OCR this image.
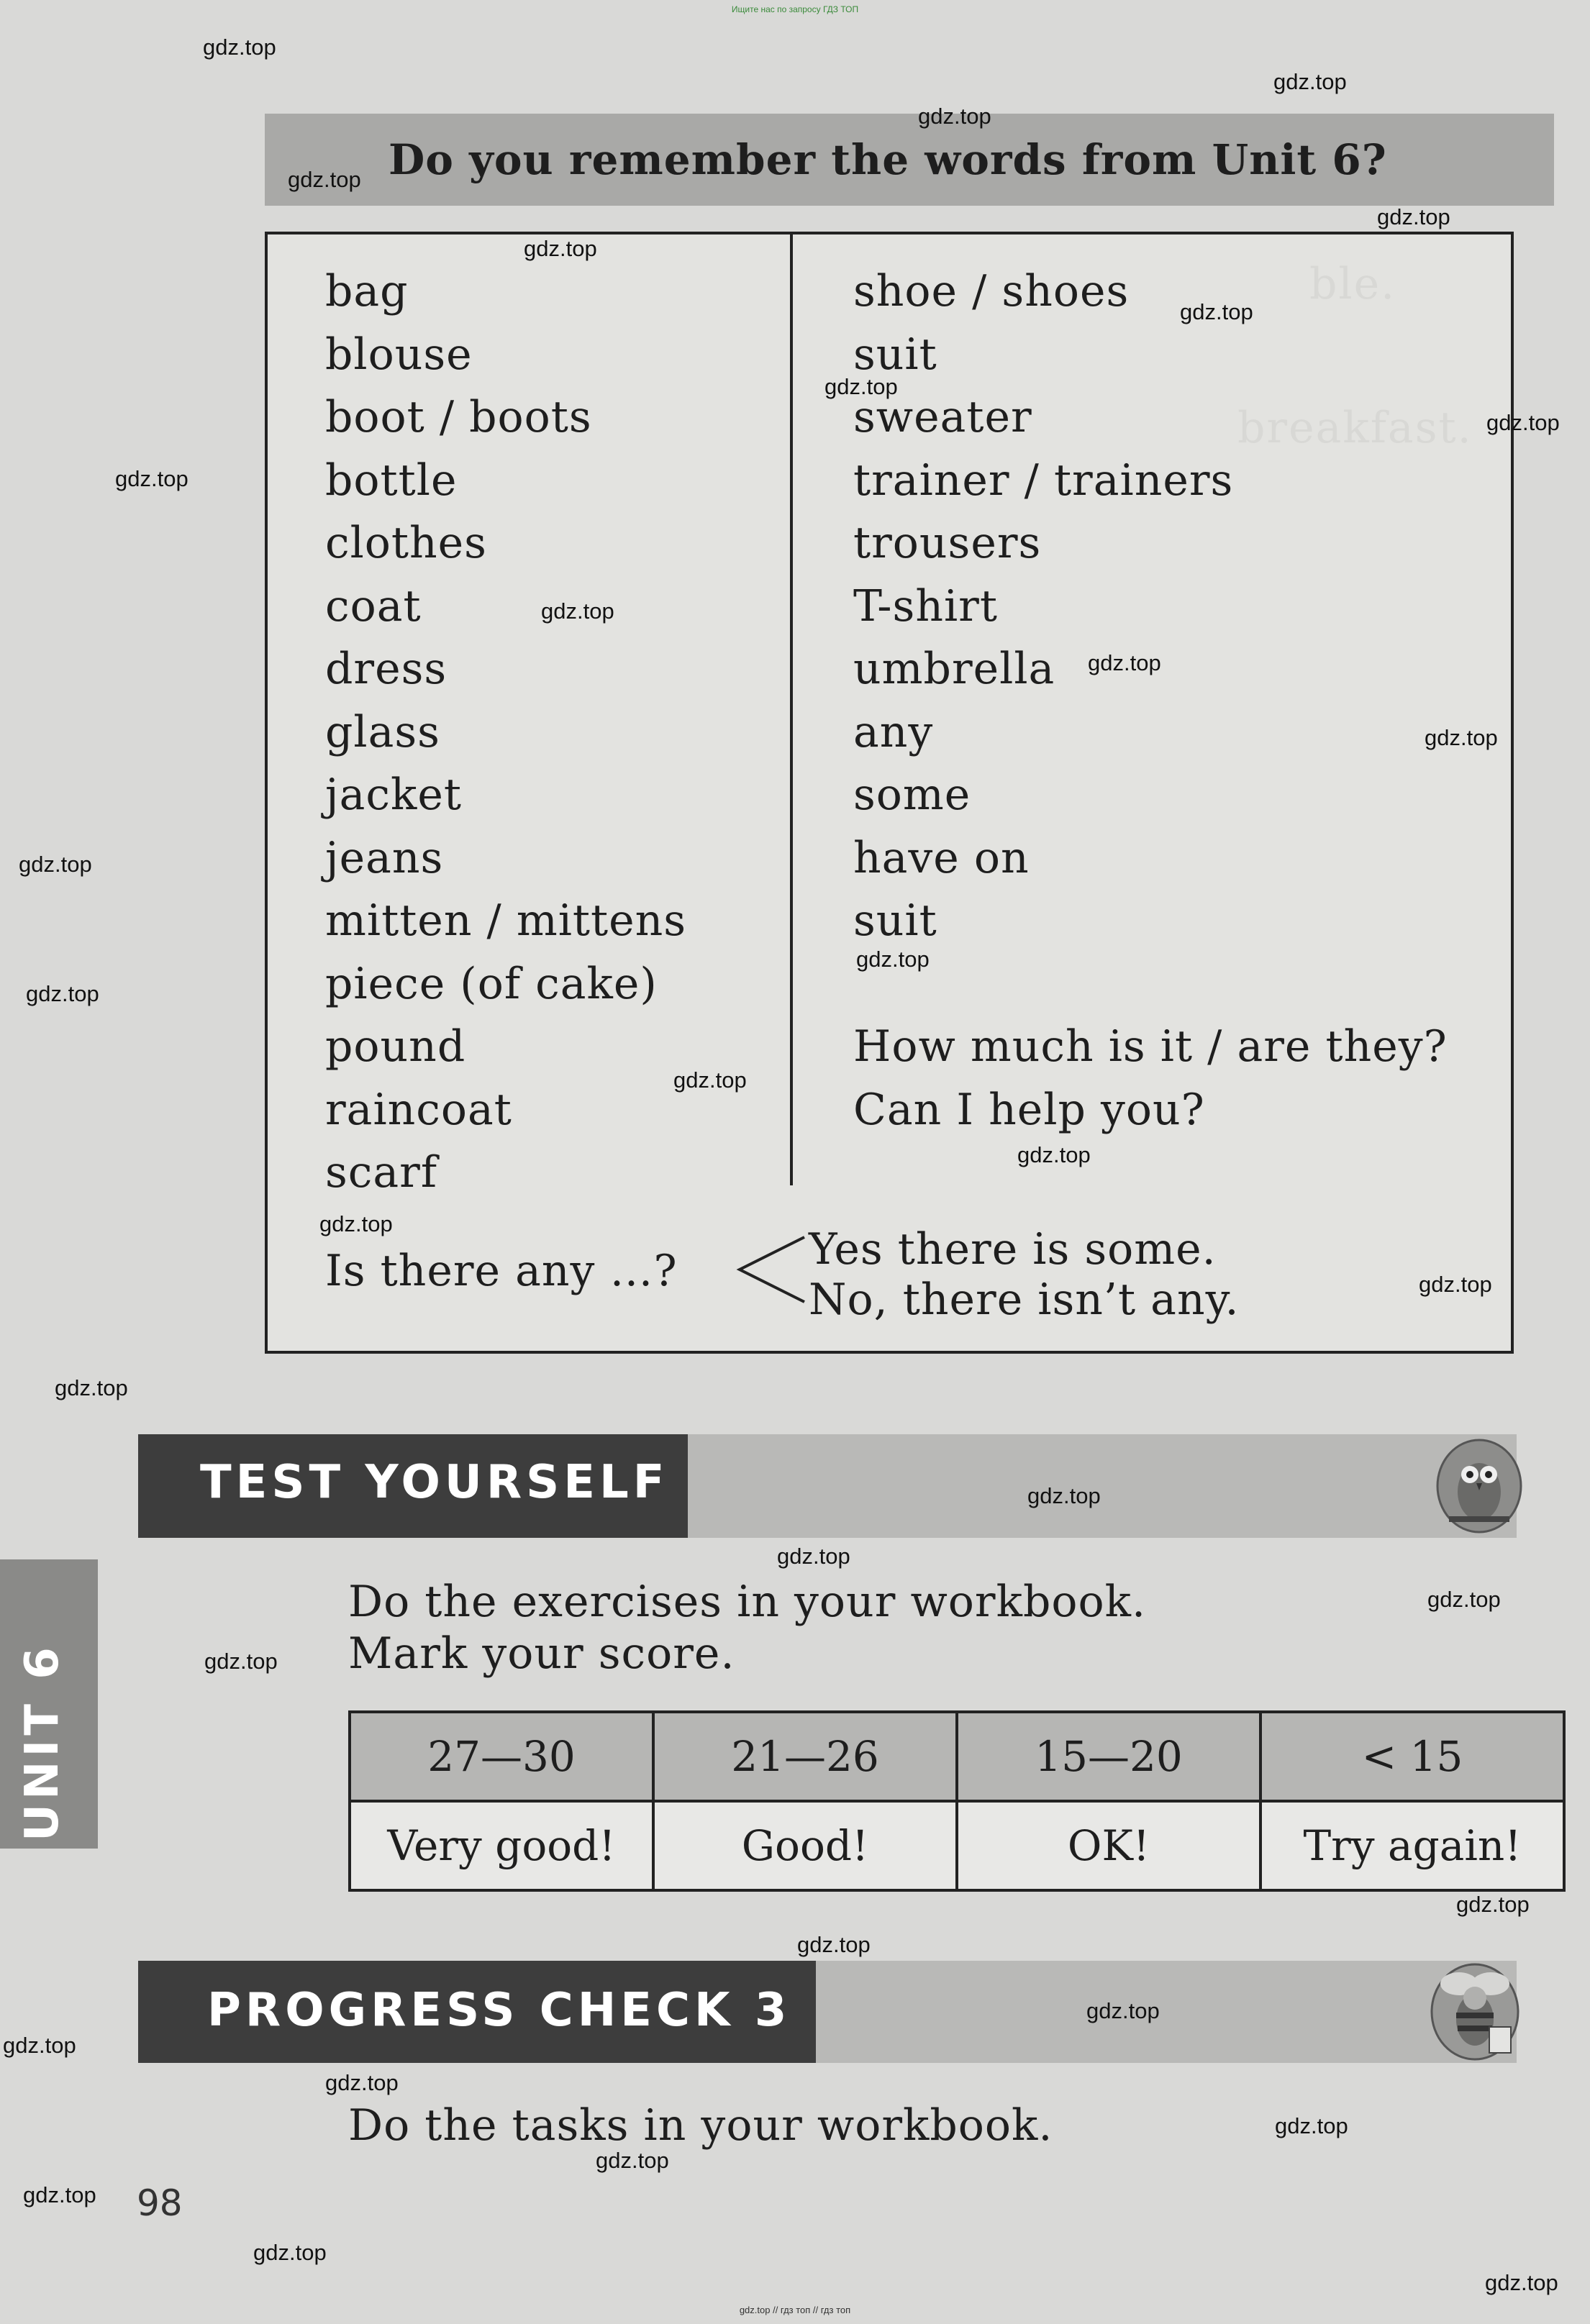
Ищите нас по запросу ГДЗ ТОП
Do you remember the words from Unit 6?
bag
blouse
boot / boots
bottle
clothes
coat
dress
glass
jacket
jeans
mitten / mittens
piece (of cake)
pound
raincoat
scarf
shoe / shoes
suit
sweater
trainer / trainers
trousers
T-shirt
umbrella
any
some
have on
suit

How much is it / are they?
Can I help you?
Is there any …?	Yes there is some.
No, there isn’t any.
TEST YOURSELF
Do the exercises in your workbook.
Mark your score.
27—30	21—26	15—20	< 15
Very good!	Good!	OK!	Try again!
PROGRESS CHECK 3
Do the tasks in your workbook.
UNIT 6
98
gdz.top
gdz.top
gdz.top
gdz.top
gdz.top
gdz.top
gdz.top
gdz.top
gdz.top
gdz.top
gdz.top
gdz.top
gdz.top
gdz.top
gdz.top
gdz.top
gdz.top
gdz.top
gdz.top
gdz.top
gdz.top
gdz.top
gdz.top
gdz.top
gdz.top
gdz.top
gdz.top
gdz.top
gdz.top
gdz.top
gdz.top
gdz.top
gdz.top
gdz.top
gdz.top
gdz.top // гдз топ // гдз топ
